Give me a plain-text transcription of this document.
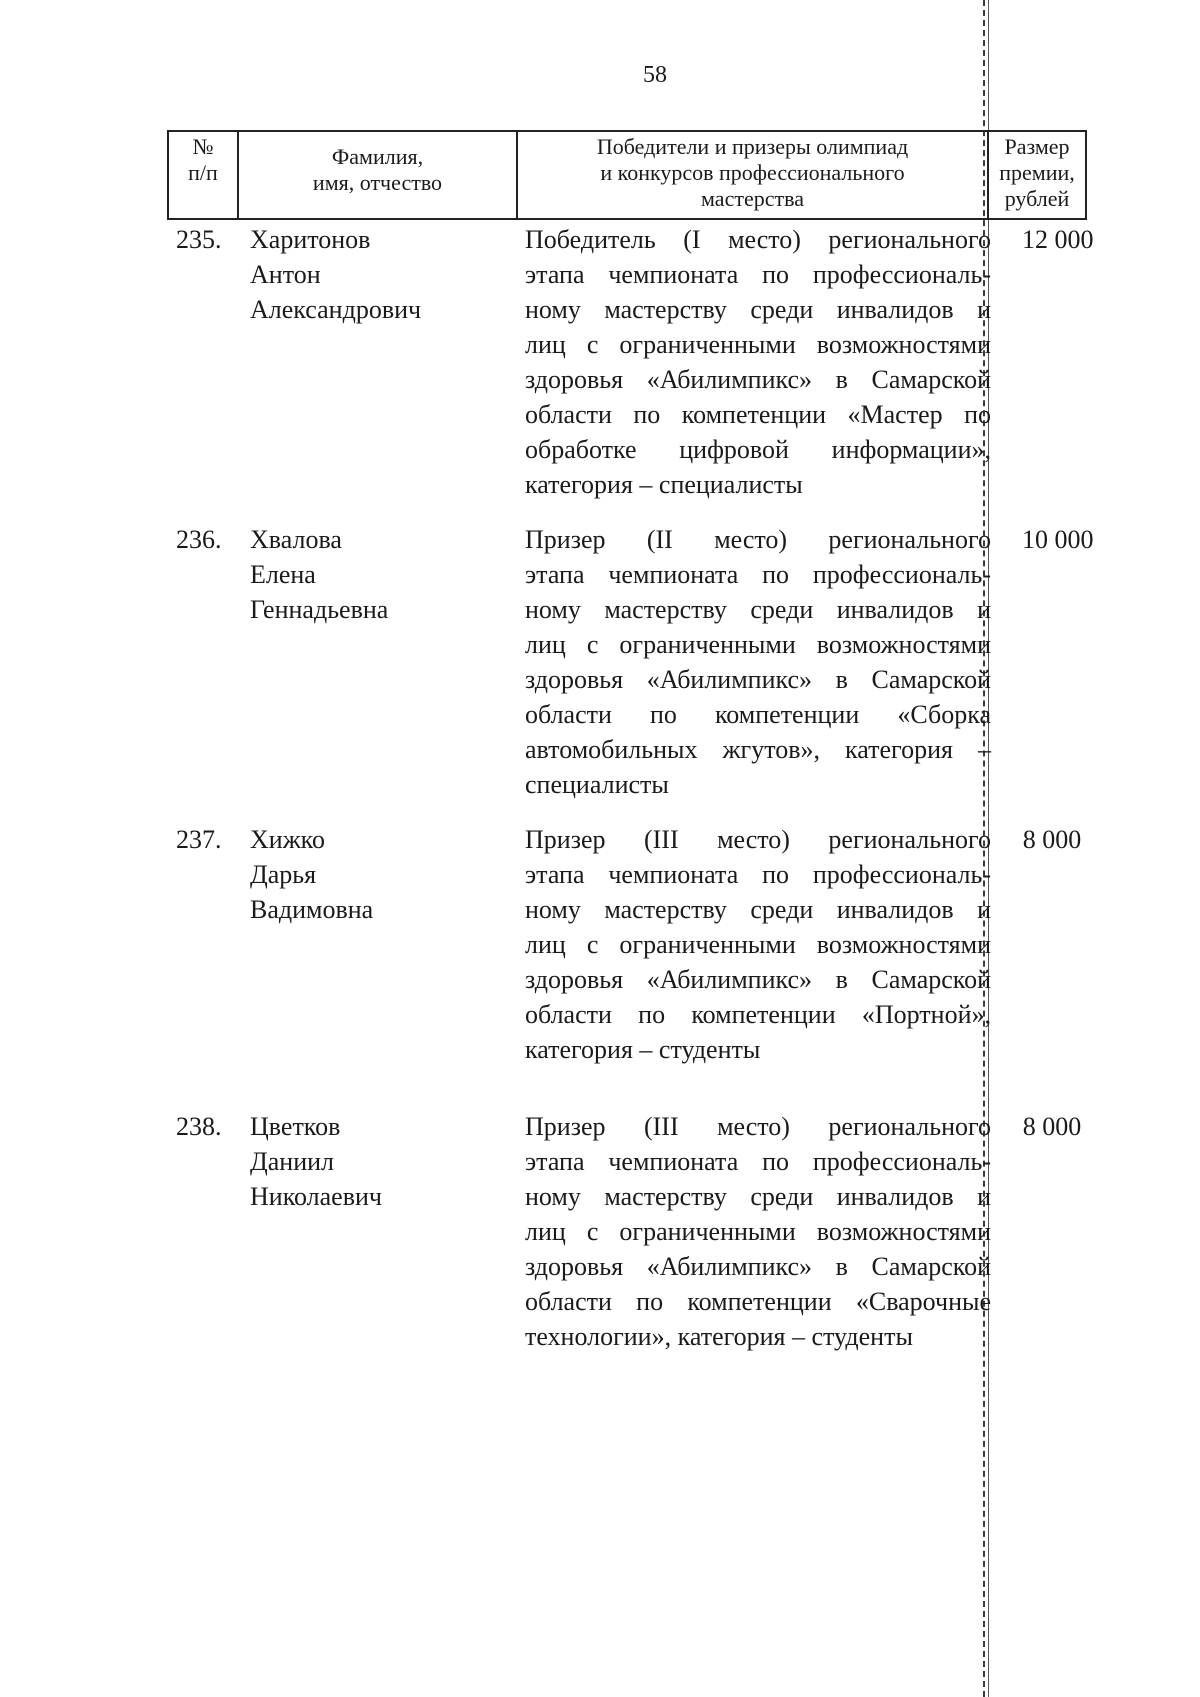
58
№
п/п
Фамилия,
имя, отчество
Победители и призеры олимпиад
и конкурсов профессионального
мастерства
Размер
премии,
рублей
235. Харитонов
Антон
Александрович
Победитель (I место) регионального
этапа чемпионата по профессиональ-
ному мастерству среди инвалидов и
лиц с ограниченными возможностями
здоровья «Абилимпикс» в Самарской
области по компетенции «Мастер по
обработке цифровой информации»,
категория – специалисты
12 000
236. Хвалова
Елена
Геннадьевна
Призер (II место) регионального
этапа чемпионата по профессиональ-
ному мастерству среди инвалидов и
лиц с ограниченными возможностями
здоровья «Абилимпикс» в Самарской
области по компетенции «Сборка
автомобильных жгутов», категория –
специалисты
10 000
237. Хижко
Дарья
Вадимовна
Призер (III место) регионального
этапа чемпионата по профессиональ-
ному мастерству среди инвалидов и
лиц с ограниченными возможностями
здоровья «Абилимпикс» в Самарской
области по компетенции «Портной»,
категория – студенты
8 000
238. Цветков
Даниил
Николаевич
Призер (III место) регионального
этапа чемпионата по профессиональ-
ному мастерству среди инвалидов и
лиц с ограниченными возможностями
здоровья «Абилимпикс» в Самарской
области по компетенции «Сварочные
технологии», категория – студенты
8 000
